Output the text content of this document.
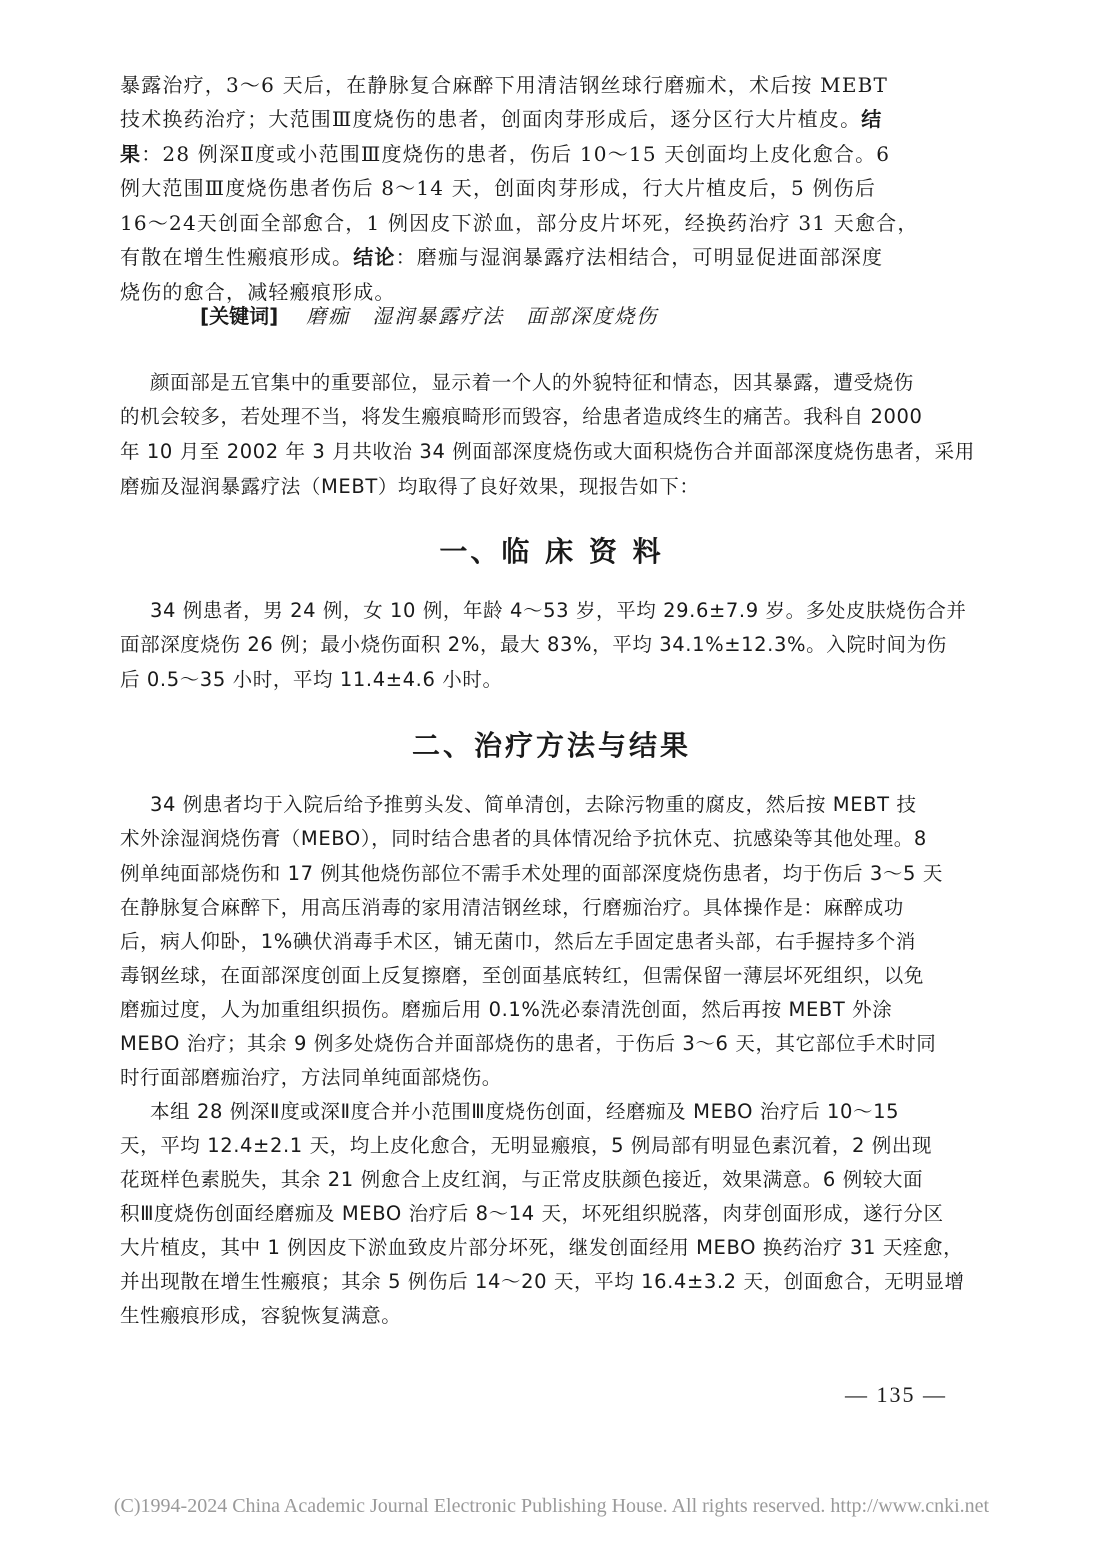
暴露治疗，3～6 天后，在静脉复合麻醉下用清洁钢丝球行磨痂术，术后按 MEBT
技术换药治疗；大范围Ⅲ度烧伤的患者，创面肉芽形成后，逐分区行大片植皮。结
果：28 例深Ⅱ度或小范围Ⅲ度烧伤的患者，伤后 10～15 天创面均上皮化愈合。6
例大范围Ⅲ度烧伤患者伤后 8～14 天，创面肉芽形成，行大片植皮后，5 例伤后
16～24天创面全部愈合，1 例因皮下淤血，部分皮片坏死，经换药治疗 31 天愈合，
有散在增生性瘢痕形成。结论：磨痂与湿润暴露疗法相结合，可明显促进面部深度
烧伤的愈合，减轻瘢痕形成。
[关键词] 磨痂　湿润暴露疗法　面部深度烧伤
颜面部是五官集中的重要部位，显示着一个人的外貌特征和情态，因其暴露，遭受烧伤
的机会较多，若处理不当，将发生瘢痕畸形而毁容，给患者造成终生的痛苦。我科自 2000
年 10 月至 2002 年 3 月共收治 34 例面部深度烧伤或大面积烧伤合并面部深度烧伤患者，采用
磨痂及湿润暴露疗法（MEBT）均取得了良好效果，现报告如下：
一、临 床 资 料
34 例患者，男 24 例，女 10 例，年龄 4～53 岁，平均 29.6±7.9 岁。多处皮肤烧伤合并
面部深度烧伤 26 例；最小烧伤面积 2%，最大 83%，平均 34.1%±12.3%。入院时间为伤
后 0.5～35 小时，平均 11.4±4.6 小时。
二、治疗方法与结果
34 例患者均于入院后给予推剪头发、简单清创，去除污物重的腐皮，然后按 MEBT 技
术外涂湿润烧伤膏（MEBO），同时结合患者的具体情况给予抗休克、抗感染等其他处理。8
例单纯面部烧伤和 17 例其他烧伤部位不需手术处理的面部深度烧伤患者，均于伤后 3～5 天
在静脉复合麻醉下，用高压消毒的家用清洁钢丝球，行磨痂治疗。具体操作是：麻醉成功
后，病人仰卧，1%碘伏消毒手术区，铺无菌巾，然后左手固定患者头部，右手握持多个消
毒钢丝球，在面部深度创面上反复擦磨，至创面基底转红，但需保留一薄层坏死组织，以免
磨痂过度，人为加重组织损伤。磨痂后用 0.1%洗必泰清洗创面，然后再按 MEBT 外涂
MEBO 治疗；其余 9 例多处烧伤合并面部烧伤的患者，于伤后 3～6 天，其它部位手术时同
时行面部磨痂治疗，方法同单纯面部烧伤。
本组 28 例深Ⅱ度或深Ⅱ度合并小范围Ⅲ度烧伤创面，经磨痂及 MEBO 治疗后 10～15
天，平均 12.4±2.1 天，均上皮化愈合，无明显瘢痕，5 例局部有明显色素沉着，2 例出现
花斑样色素脱失，其余 21 例愈合上皮红润，与正常皮肤颜色接近，效果满意。6 例较大面
积Ⅲ度烧伤创面经磨痂及 MEBO 治疗后 8～14 天，坏死组织脱落，肉芽创面形成，遂行分区
大片植皮，其中 1 例因皮下淤血致皮片部分坏死，继发创面经用 MEBO 换药治疗 31 天痊愈，
并出现散在增生性瘢痕；其余 5 例伤后 14～20 天，平均 16.4±3.2 天，创面愈合，无明显增
生性瘢痕形成，容貌恢复满意。
— 135 —
(C)1994-2024 China Academic Journal Electronic Publishing House. All rights reserved. http://www.cnki.net
